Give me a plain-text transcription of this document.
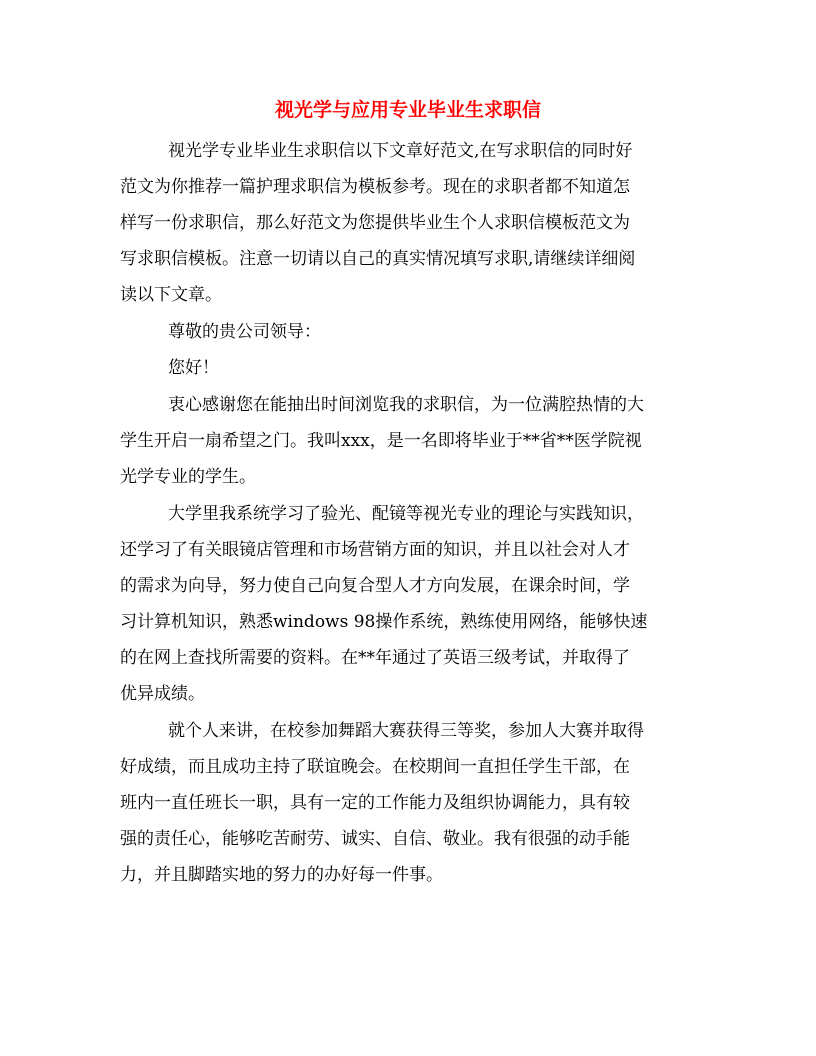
视光学与应用专业毕业生求职信
视光学专业毕业生求职信以下文章好范文,在写求职信的同时好
范文为你推荐一篇护理求职信为模板参考。现在的求职者都不知道怎
样写一份求职信，那么好范文为您提供毕业生个人求职信模板范文为
写求职信模板。注意一切请以自己的真实情况填写求职,请继续详细阅
读以下文章。
尊敬的贵公司领导：
您好！
衷心感谢您在能抽出时间浏览我的求职信，为一位满腔热情的大
学生开启一扇希望之门。我叫xxx，是一名即将毕业于**省**医学院视
光学专业的学生。
大学里我系统学习了验光、配镜等视光专业的理论与实践知识，
还学习了有关眼镜店管理和市场营销方面的知识，并且以社会对人才
的需求为向导，努力使自己向复合型人才方向发展，在课余时间，学
习计算机知识，熟悉windows 98操作系统，熟练使用网络，能够快速
的在网上查找所需要的资料。在**年通过了英语三级考试，并取得了
优异成绩。
就个人来讲，在校参加舞蹈大赛获得三等奖，参加人大赛并取得
好成绩，而且成功主持了联谊晚会。在校期间一直担任学生干部，在
班内一直任班长一职，具有一定的工作能力及组织协调能力，具有较
强的责任心，能够吃苦耐劳、诚实、自信、敬业。我有很强的动手能
力，并且脚踏实地的努力的办好每一件事。
